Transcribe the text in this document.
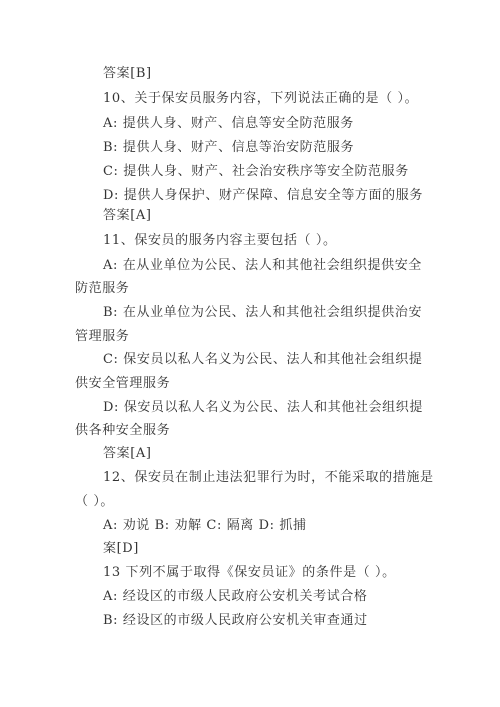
答案[B]
10、关于保安员服务内容，下列说法正确的是（ ）。
A: 提供人身、财产、信息等安全防范服务
B: 提供人身、财产、信息等治安防范服务
C: 提供人身、财产、社会治安秩序等安全防范服务
D: 提供人身保护、财产保障、信息安全等方面的服务
答案[A]
11、保安员的服务内容主要包括（ ）。
A: 在从业单位为公民、法人和其他社会组织提供安全
防范服务
B: 在从业单位为公民、法人和其他社会组织提供治安
管理服务
C: 保安员以私人名义为公民、法人和其他社会组织提
供安全管理服务
D: 保安员以私人名义为公民、法人和其他社会组织提
供各种安全服务
答案[A]
12、保安员在制止违法犯罪行为时，不能采取的措施是
（ ）。
A: 劝说 B: 劝解 C: 隔离 D: 抓捕
案[D]
13 下列不属于取得《保安员证》的条件是（ ）。
A: 经设区的市级人民政府公安机关考试合格
B: 经设区的市级人民政府公安机关审查通过
